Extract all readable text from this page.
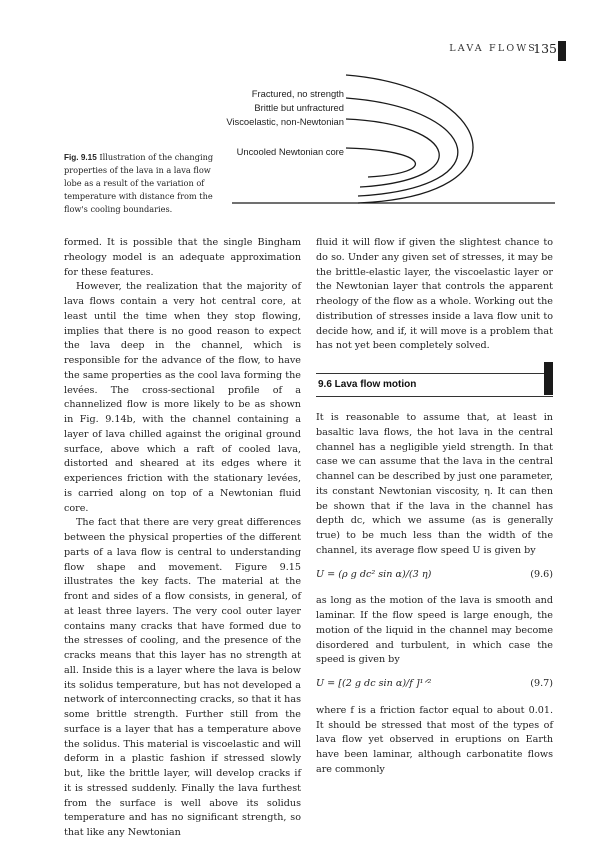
LAVA FLOWS
135
Fractured, no strength
Brittle but unfractured
Viscoelastic, non-Newtonian
Uncooled Newtonian core
Fig. 9.15 Illustration of the changing properties of the lava in a lava flow lobe as a result of the variation of temperature with distance from the flow's cooling boundaries.

formed. It is possible that the single Bingham rheology model is an adequate approximation for these features.

However, the realization that the majority of lava flows contain a very hot central core, at least until the time when they stop flowing, implies that there is no good reason to expect the lava deep in the channel, which is responsible for the advance of the flow, to have the same properties as the cool lava forming the levées. The cross-sectional profile of a channelized flow is more likely to be as shown in Fig. 9.14b, with the channel containing a layer of lava chilled against the original ground surface, above which a raft of cooled lava, distorted and sheared at its edges where it experiences friction with the stationary levées, is carried along on top of a Newtonian fluid core.

The fact that there are very great differences between the physical properties of the different parts of a lava flow is central to understanding flow shape and movement. Figure 9.15 illustrates the key facts. The material at the front and sides of a flow consists, in general, of at least three layers. The very cool outer layer contains many cracks that have formed due to the stresses of cooling, and the presence of the cracks means that this layer has no strength at all. Inside this is a layer where the lava is below its solidus temperature, but has not developed a network of interconnecting cracks, so that it has some brittle strength. Further still from the surface is a layer that has a temperature above the solidus. This material is viscoelastic and will deform in a plastic fashion if stressed slowly but, like the brittle layer, will develop cracks if it is stressed suddenly. Finally the lava furthest from the surface is well above its solidus temperature and has no significant strength, so that like any Newtonian

fluid it will flow if given the slightest chance to do so. Under any given set of stresses, it may be the brittle-elastic layer, the viscoelastic layer or the Newtonian layer that controls the apparent rheology of the flow as a whole. Working out the distribution of stresses inside a lava flow unit to decide how, and if, it will move is a problem that has not yet been completely solved.

9.6 Lava flow motion

It is reasonable to assume that, at least in basaltic lava flows, the hot lava in the central channel has a negligible yield strength. In that case we can assume that the lava in the central channel can be described by just one parameter, its constant Newtonian viscosity, η. It can then be shown that if the lava in the channel has depth dc, which we assume (as is generally true) to be much less than the width of the channel, its average flow speed U is given by

U = (ρ g dc² sin α)/(3 η)	(9.6)

as long as the motion of the lava is smooth and laminar. If the flow speed is large enough, the motion of the liquid in the channel may become disordered and turbulent, in which case the speed is given by

U = [(2 g dc sin α)/f ]¹ᐟ²	(9.7)

where f is a friction factor equal to about 0.01. It should be stressed that most of the types of lava flow yet observed in eruptions on Earth have been laminar, although carbonatite flows are commonly
